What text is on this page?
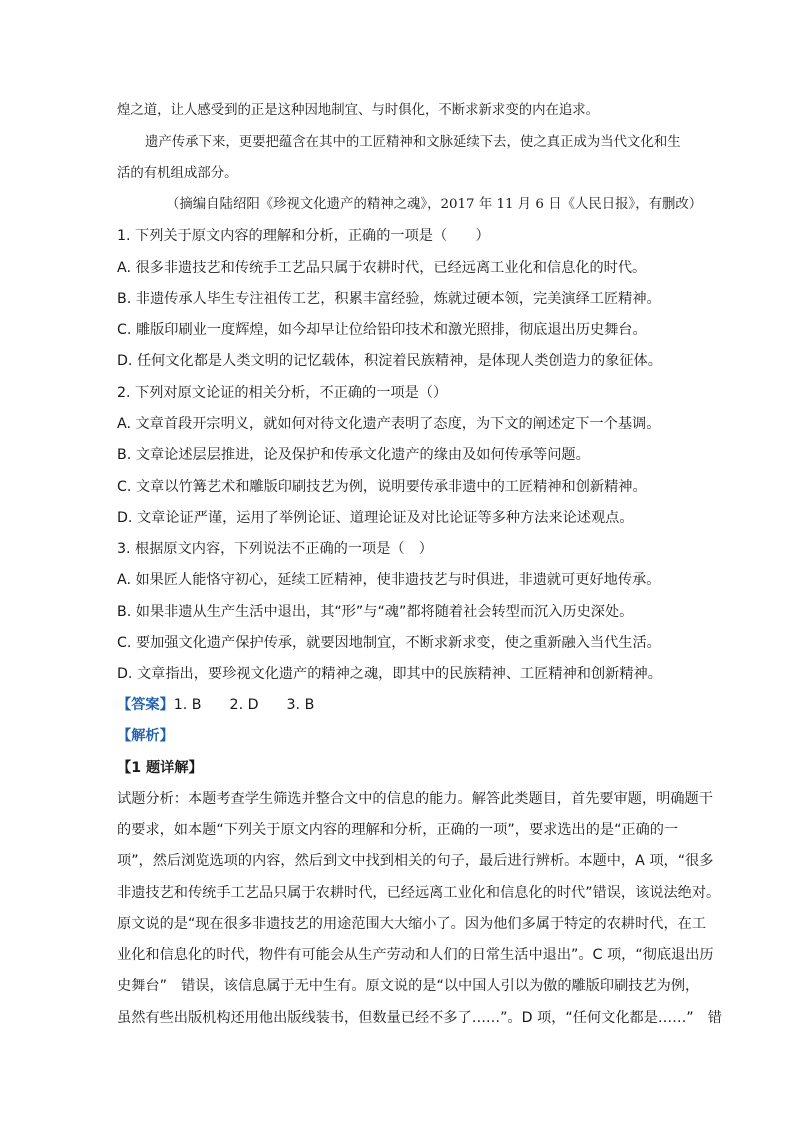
煌之道，让人感受到的正是这种因地制宜、与时俱化，不断求新求变的内在追求。
遗产传承下来，更要把蕴含在其中的工匠精神和文脉延续下去，使之真正成为当代文化和生
活的有机组成部分。
（摘编自陆绍阳《珍视文化遗产的精神之魂》，2017 年 11 月 6 日《人民日报》，有删改）
1. 下列关于原文内容的理解和分析，正确的一项是（　　）
A. 很多非遗技艺和传统手工艺品只属于农耕时代，已经远离工业化和信息化的时代。
B. 非遗传承人毕生专注祖传工艺，积累丰富经验，炼就过硬本领，完美演绎工匠精神。
C. 雕版印刷业一度辉煌，如今却早让位给铅印技术和激光照排，彻底退出历史舞台。
D. 任何文化都是人类文明的记忆载体，积淀着民族精神，是体现人类创造力的象征体。
2. 下列对原文论证的相关分析，不正确的一项是（）
A. 文章首段开宗明义，就如何对待文化遗产表明了态度，为下文的阐述定下一个基调。
B. 文章论述层层推进，论及保护和传承文化遗产的缘由及如何传承等问题。
C. 文章以竹篝艺术和雕版印刷技艺为例，说明要传承非遗中的工匠精神和创新精神。
D. 文章论证严谨，运用了举例论证、道理论证及对比论证等多种方法来论述观点。
3. 根据原文内容，下列说法不正确的一项是（　）
A. 如果匠人能恪守初心，延续工匠精神，使非遗技艺与时俱进，非遗就可更好地传承。
B. 如果非遗从生产生活中退出，其“形”与“魂”都将随着社会转型而沉入历史深处。
C. 要加强文化遗产保护传承，就要因地制宜，不断求新求变，使之重新融入当代生活。
D. 文章指出，要珍视文化遗产的精神之魂，即其中的民族精神、工匠精神和创新精神。
【答案】1. B 2. D 3. B
【解析】
【1 题详解】
试题分析：本题考查学生筛选并整合文中的信息的能力。解答此类题目，首先要审题，明确题干
的要求，如本题“下列关于原文内容的理解和分析，正确的一项”，要求选出的是“正确的一
项”，然后浏览选项的内容，然后到文中找到相关的句子，最后进行辨析。本题中，A 项，“很多
非遗技艺和传统手工艺品只属于农耕时代，已经远离工业化和信息化的时代”错误，该说法绝对。
原文说的是“现在很多非遗技艺的用途范围大大缩小了。因为他们多属于特定的农耕时代，在工
业化和信息化的时代，物件有可能会从生产劳动和人们的日常生活中退出”。C 项，“彻底退出历
史舞台”　错误，该信息属于无中生有。原文说的是“以中国人引以为傲的雕版印刷技艺为例，
虽然有些出版机构还用他出版线装书，但数量已经不多了……”。D 项，“任何文化都是……”　错
